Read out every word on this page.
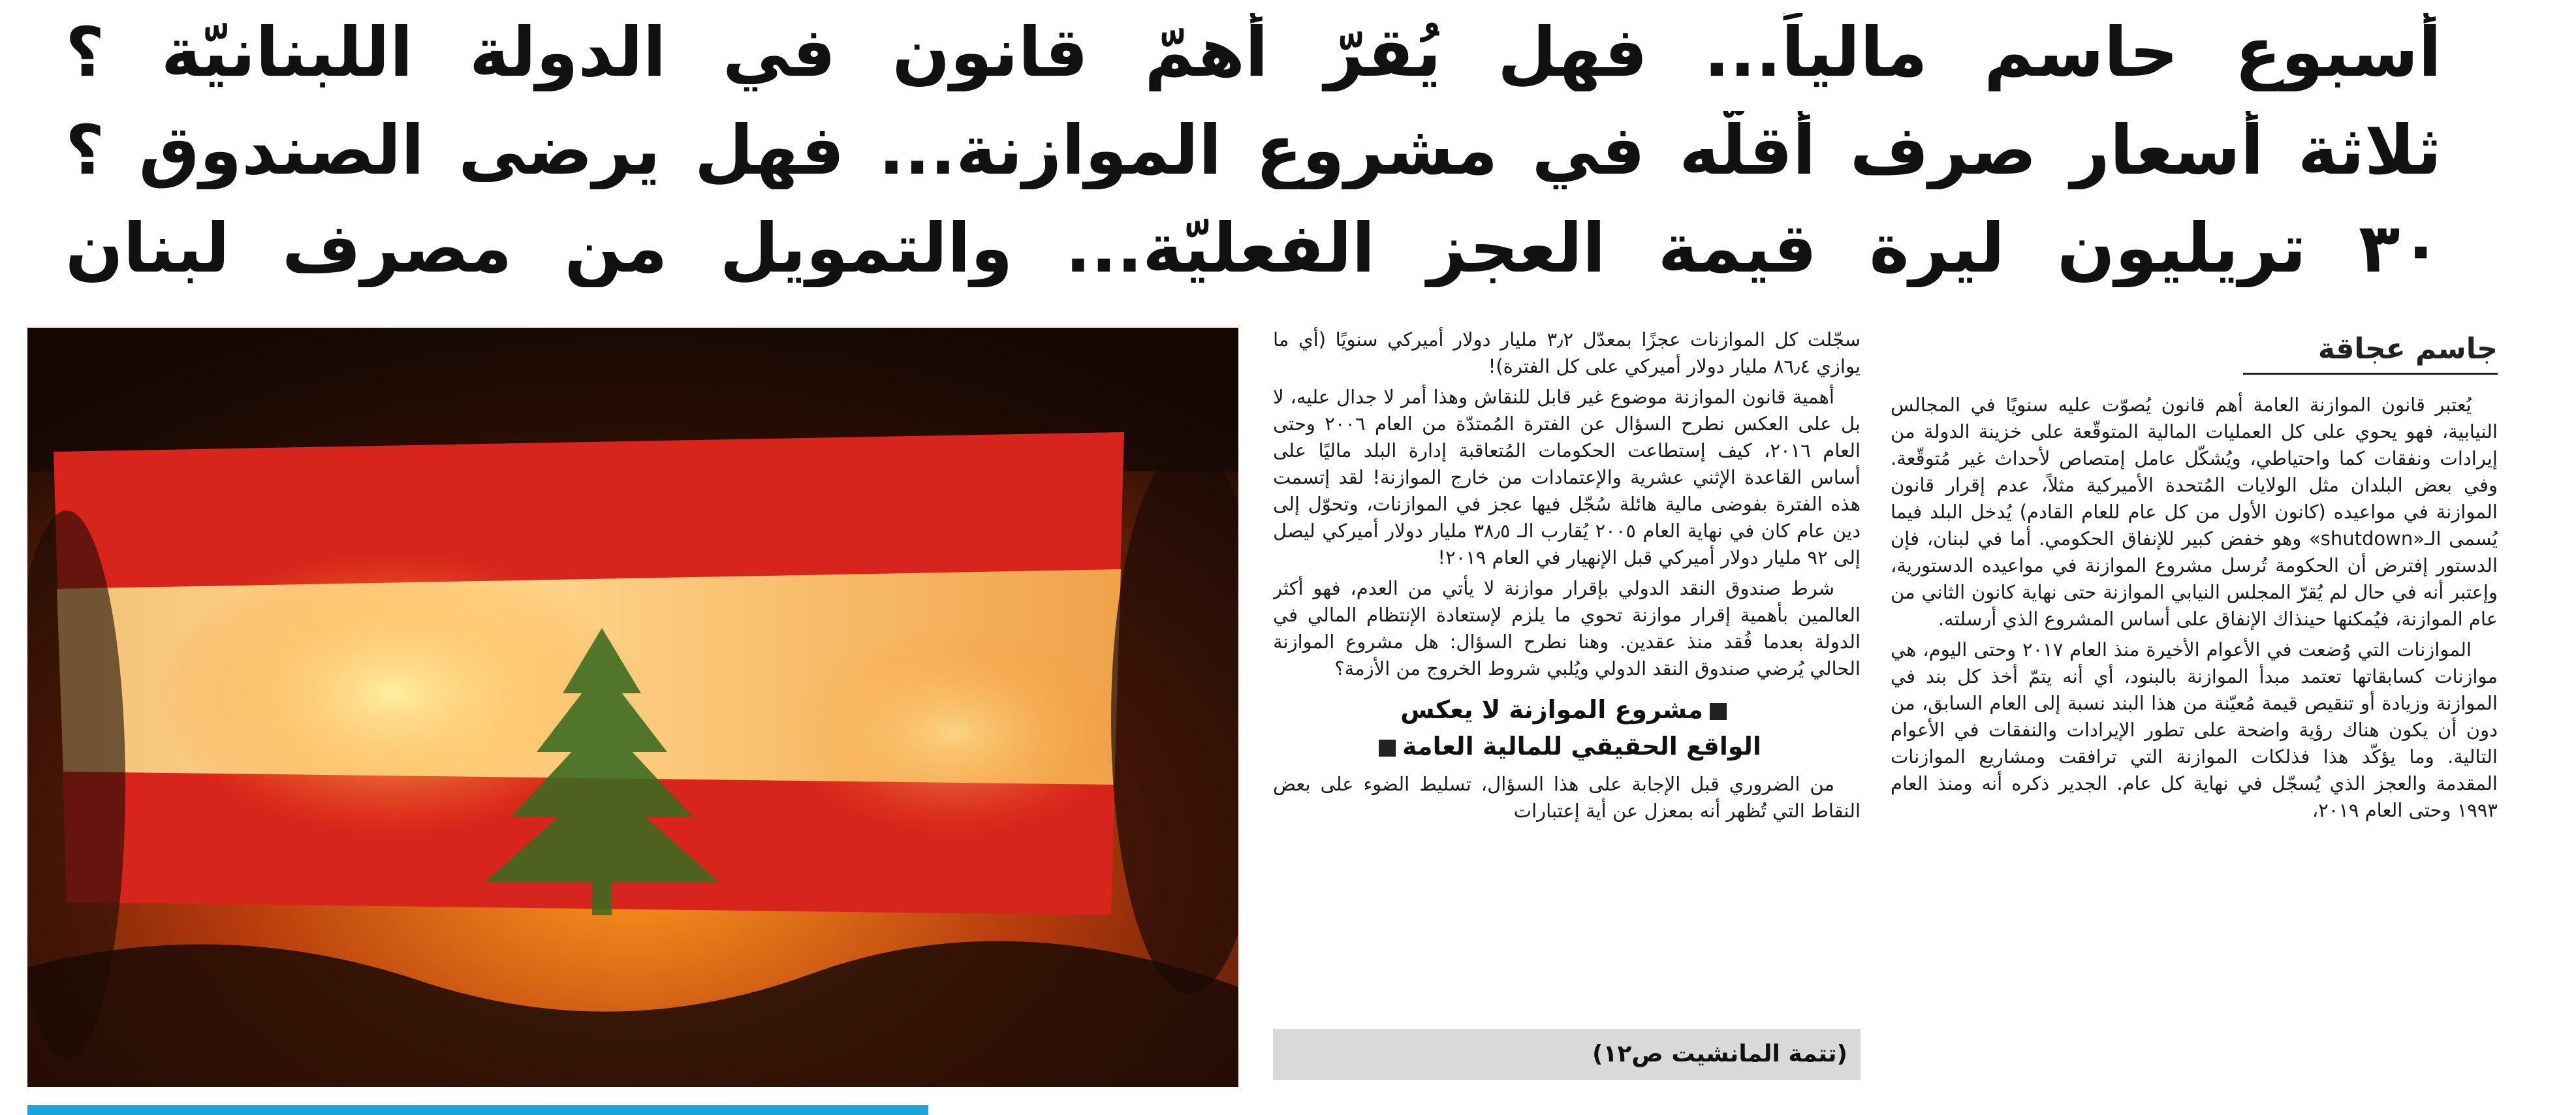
أسبوع حاسم مالياً... فهل يُقرّ أهمّ قانون في الدولة اللبنانيّة ؟
ثلاثة أسعار صرف أقلّه في مشروع الموازنة... فهل يرضى الصندوق ؟
٣٠ تريليون ليرة قيمة العجز الفعليّة... والتمويل من مصرف لبنان
جاسم عجاقة

يُعتبر قانون الموازنة العامة أهم قانون يُصوّت عليه سنويًا في المجالس النيابية، فهو يحوي على كل العمليات المالية المتوقّعة على خزينة الدولة من إيرادات ونفقات كما واحتياطي، ويُشكّل عامل إمتصاص لأحداث غير مُتوقّعة. وفي بعض البلدان مثل الولايات المُتحدة الأميركية مثلاً، عدم إقرار قانون الموازنة في مواعيده (كانون الأول من كل عام للعام القادم) يُدخل البلد فيما يُسمى الـ«shutdown» وهو خفض كبير للإنفاق الحكومي. أما في لبنان، فإن الدستور إفترض أن الحكومة تُرسل مشروع الموازنة في مواعيده الدستورية، وإعتبر أنه في حال لم يُقرّ المجلس النيابي الموازنة حتى نهاية كانون الثاني من عام الموازنة، فيُمكنها حينذاك الإنفاق على أساس المشروع الذي أرسلته.

الموازنات التي وُضعت في الأعوام الأخيرة منذ العام ٢٠١٧ وحتى اليوم، هي موازنات كسابقاتها تعتمد مبدأ الموازنة بالبنود، أي أنه يتمّ أخذ كل بند في الموازنة وزيادة أو تنقيص قيمة مُعيّنة من هذا البند نسبة إلى العام السابق، من دون أن يكون هناك رؤية واضحة على تطور الإيرادات والنفقات في الأعوام التالية. وما يؤكّد هذا فذلكات الموازنة التي ترافقت ومشاريع الموازنات المقدمة والعجز الذي يُسجّل في نهاية كل عام. الجدير ذكره أنه ومنذ العام ١٩٩٣ وحتى العام ٢٠١٩،

سجّلت كل الموازنات عجزًا بمعدّل ٣٫٢ مليار دولار أميركي سنويًا (أي ما يوازي ٨٦٫٤ مليار دولار أميركي على كل الفترة)!

أهمية قانون الموازنة موضوع غير قابل للنقاش وهذا أمر لا جدال عليه، لا بل على العكس نطرح السؤال عن الفترة المُمتدّة من العام ٢٠٠٦ وحتى العام ٢٠١٦، كيف إستطاعت الحكومات المُتعاقبة إدارة البلد ماليًا على أساس القاعدة الإثني عشرية والإعتمادات من خارج الموازنة! لقد إتسمت هذه الفترة بفوضى مالية هائلة سُجّل فيها عجز في الموازنات، وتحوّل إلى دين عام كان في نهاية العام ٢٠٠٥ يُقارب الـ ٣٨٫٥ مليار دولار أميركي ليصل إلى ٩٢ مليار دولار أميركي قبل الإنهيار في العام ٢٠١٩!

شرط صندوق النقد الدولي بإقرار موازنة لا يأتي من العدم، فهو أكثر العالمين بأهمية إقرار موازنة تحوي ما يلزم لإستعادة الإنتظام المالي في الدولة بعدما فُقد منذ عقدين. وهنا نطرح السؤال: هل مشروع الموازنة الحالي يُرضي صندوق النقد الدولي ويُلبي شروط الخروج من الأزمة؟

مشروع الموازنة لا يعكس
الواقع الحقيقي للمالية العامة

من الضروري قبل الإجابة على هذا السؤال، تسليط الضوء على بعض النقاط التي تُظهر أنه بمعزل عن أية إعتبارات

(تتمة المانشيت ص١٢)
